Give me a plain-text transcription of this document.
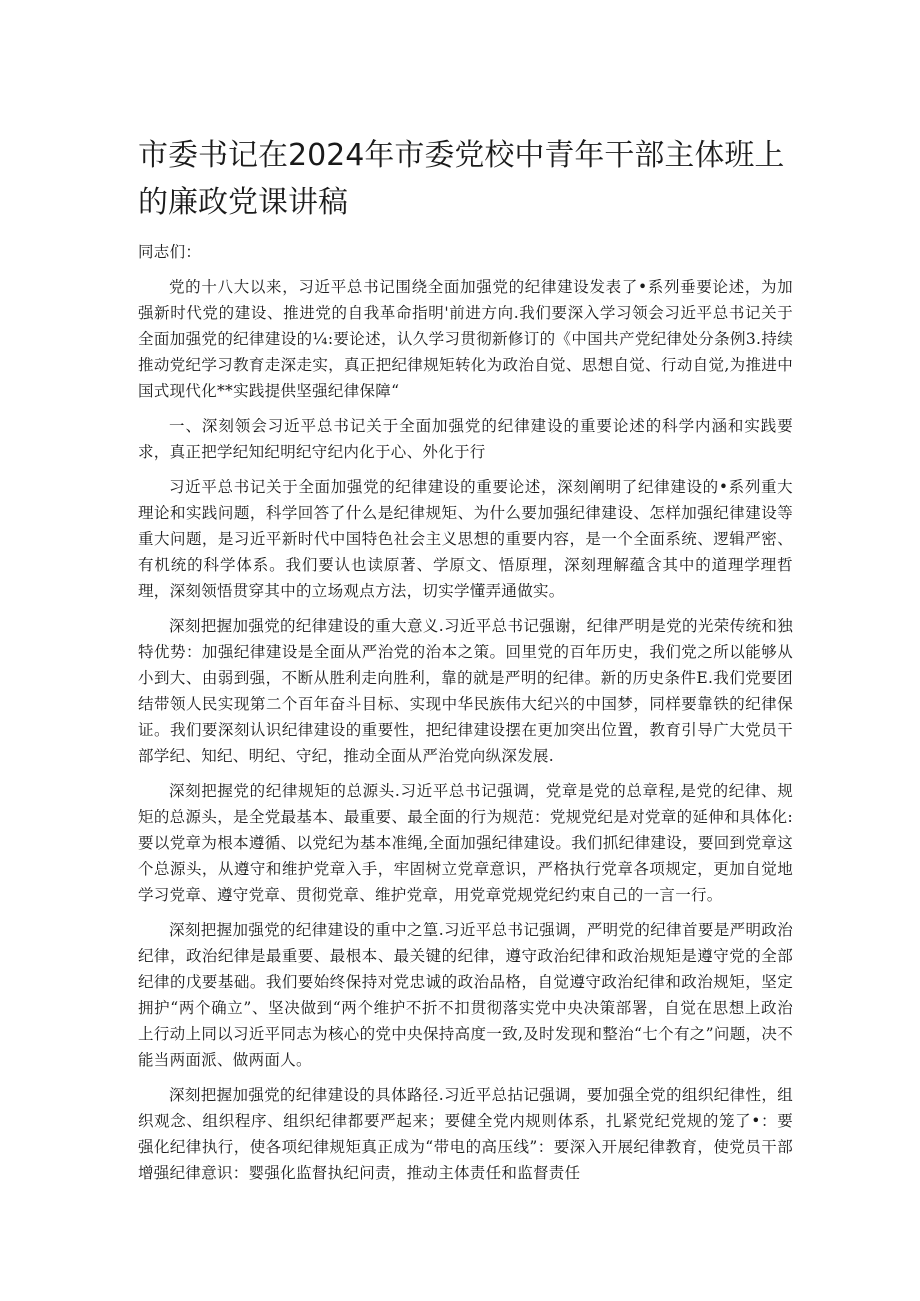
市委书记在2024年市委党校中青年干部主体班上的廉政党课讲稿

同志们：

党的十八大以来，习近平总书记围绕全面加强党的纪律建设发表了•系列垂要论述，为加强新时代党的建设、推进党的自我革命指明'前进方向.我们要深入学习领会习近平总书记关于全面加强党的纪律建设的¼:要论述，认久学习贯彻新修订的《中国共产党纪律处分条例3.持续推动党纪学习教育走深走实，真正把纪律规矩转化为政治自觉、思想自觉、行动自觉,为推进中国式现代化**实践提供坚强纪律保障“

一、深刻领会习近平总书记关于全面加强党的纪律建设的重要论述的科学内涵和实践要求，真正把学纪知纪明纪守纪内化于心、外化于行

习近平总书记关于全面加强党的纪律建设的重要论述，深刻阐明了纪律建设的•系列重大理论和实践问题，科学回答了什么是纪律规矩、为什么要加强纪律建设、怎样加强纪律建设等重大问题，是习近平新时代中国特色社会主义思想的重要内容，是一个全面系统、逻辑严密、有机统的科学体系。我们要认也读原著、学原文、悟原理，深刻理解蕴含其中的道理学理哲理，深刻领悟贯穿其中的立场观点方法，切实学懂弄通做实。

深刻把握加强党的纪律建设的重大意义.习近平总书记强谢，纪律严明是党的光荣传统和独特优势：加强纪律建设是全面从严治党的治本之策。回里党的百年历史，我们党之所以能够从小到大、由弱到强，不断从胜利走向胜利，靠的就是严明的纪律。新的历史条件E.我们党要团结带领人民实现第二个百年奋斗目标、实现中华民族伟大纪兴的中国梦，同样要靠铁的纪律保证。我们要深刻认识纪律建设的重要性，把纪律建设摆在更加突出位置，教育引导广大党员干部学纪、知纪、明纪、守纪，推动全面从严治党向纵深发展.

深刻把握党的纪律规矩的总源头.习近平总书记强调，党章是党的总章程,是党的纪律、规矩的总源头，是全党最基本、最重要、最全面的行为规范：党规党纪是对党章的延伸和具体化:要以党章为根本遵循、以党纪为基本准绳,全面加强纪律建设。我们抓纪律建设，要回到党章这个总源头，从遵守和维护党章入手，牢固树立党章意识，严格执行党章各项规定，更加自觉地学习党章、遵守党章、贯彻党章、维护党章，用党章党规党纪约束自己的一言一行。

深刻把握加强党的纪律建设的重中之篁.习近平总书记强调，严明党的纪律首要是严明政治纪律，政治纪律是最重要、最根本、最关键的纪律，遵守政治纪律和政治规矩是遵守党的全部纪律的戊要基础。我们要始终保持对党忠诚的政治品格，自觉遵守政治纪律和政治规矩，坚定拥护“两个确立”、坚决做到“两个维护不折不扣贯彻落实党中央决策部署，自觉在思想上政治上行动上同以习近平同志为核心的党中央保持高度一致,及时发现和整治“七个有之”问题，决不能当两面派、做两面人。

深刻把握加强党的纪律建设的具体路径.习近平总拈记强调，要加强全党的组织纪律性，组织观念、组织程序、组织纪律都要严起来；要健全党内规则体系，扎紧党纪党规的笼了•：要强化纪律执行，使各项纪律规矩真正成为“带电的高压线”：要深入开展纪律教育，使党员干部增强纪律意识：婴强化监督执纪问责，推动主体责任和监督责任
